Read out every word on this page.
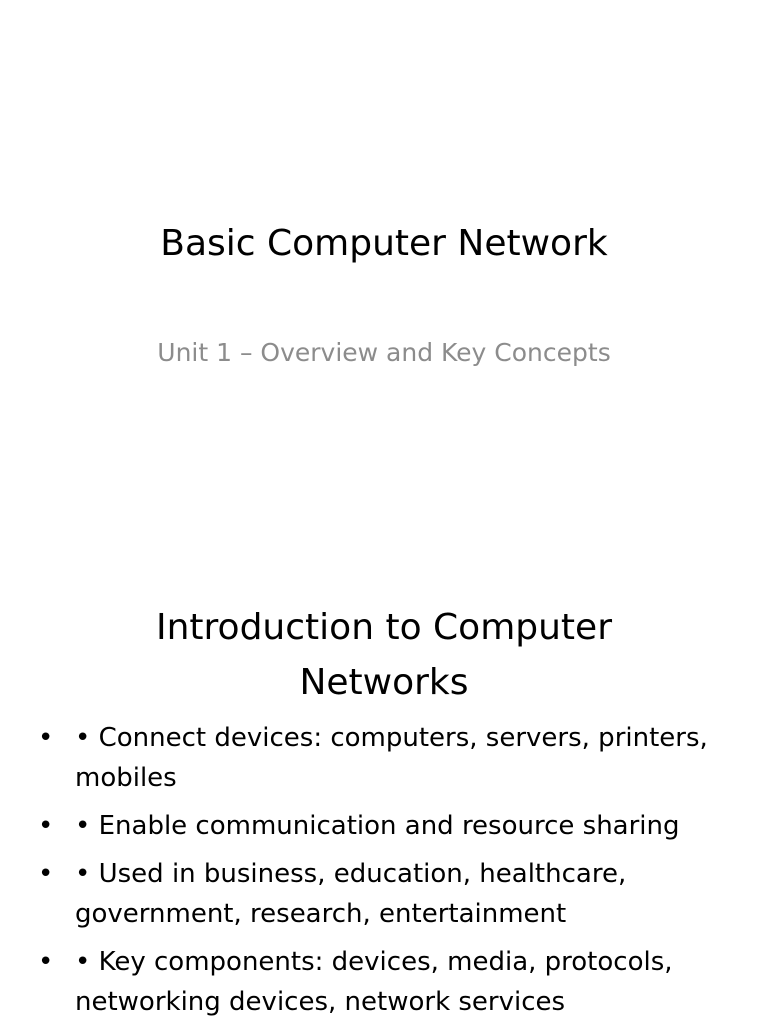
Basic Computer Network

Unit 1 – Overview and Key Concepts

Introduction to Computer Networks
• • Connect devices: computers, servers, printers, mobiles
• • Enable communication and resource sharing
• • Used in business, education, healthcare, government, research, entertainment
• • Key components: devices, media, protocols, networking devices, network services
